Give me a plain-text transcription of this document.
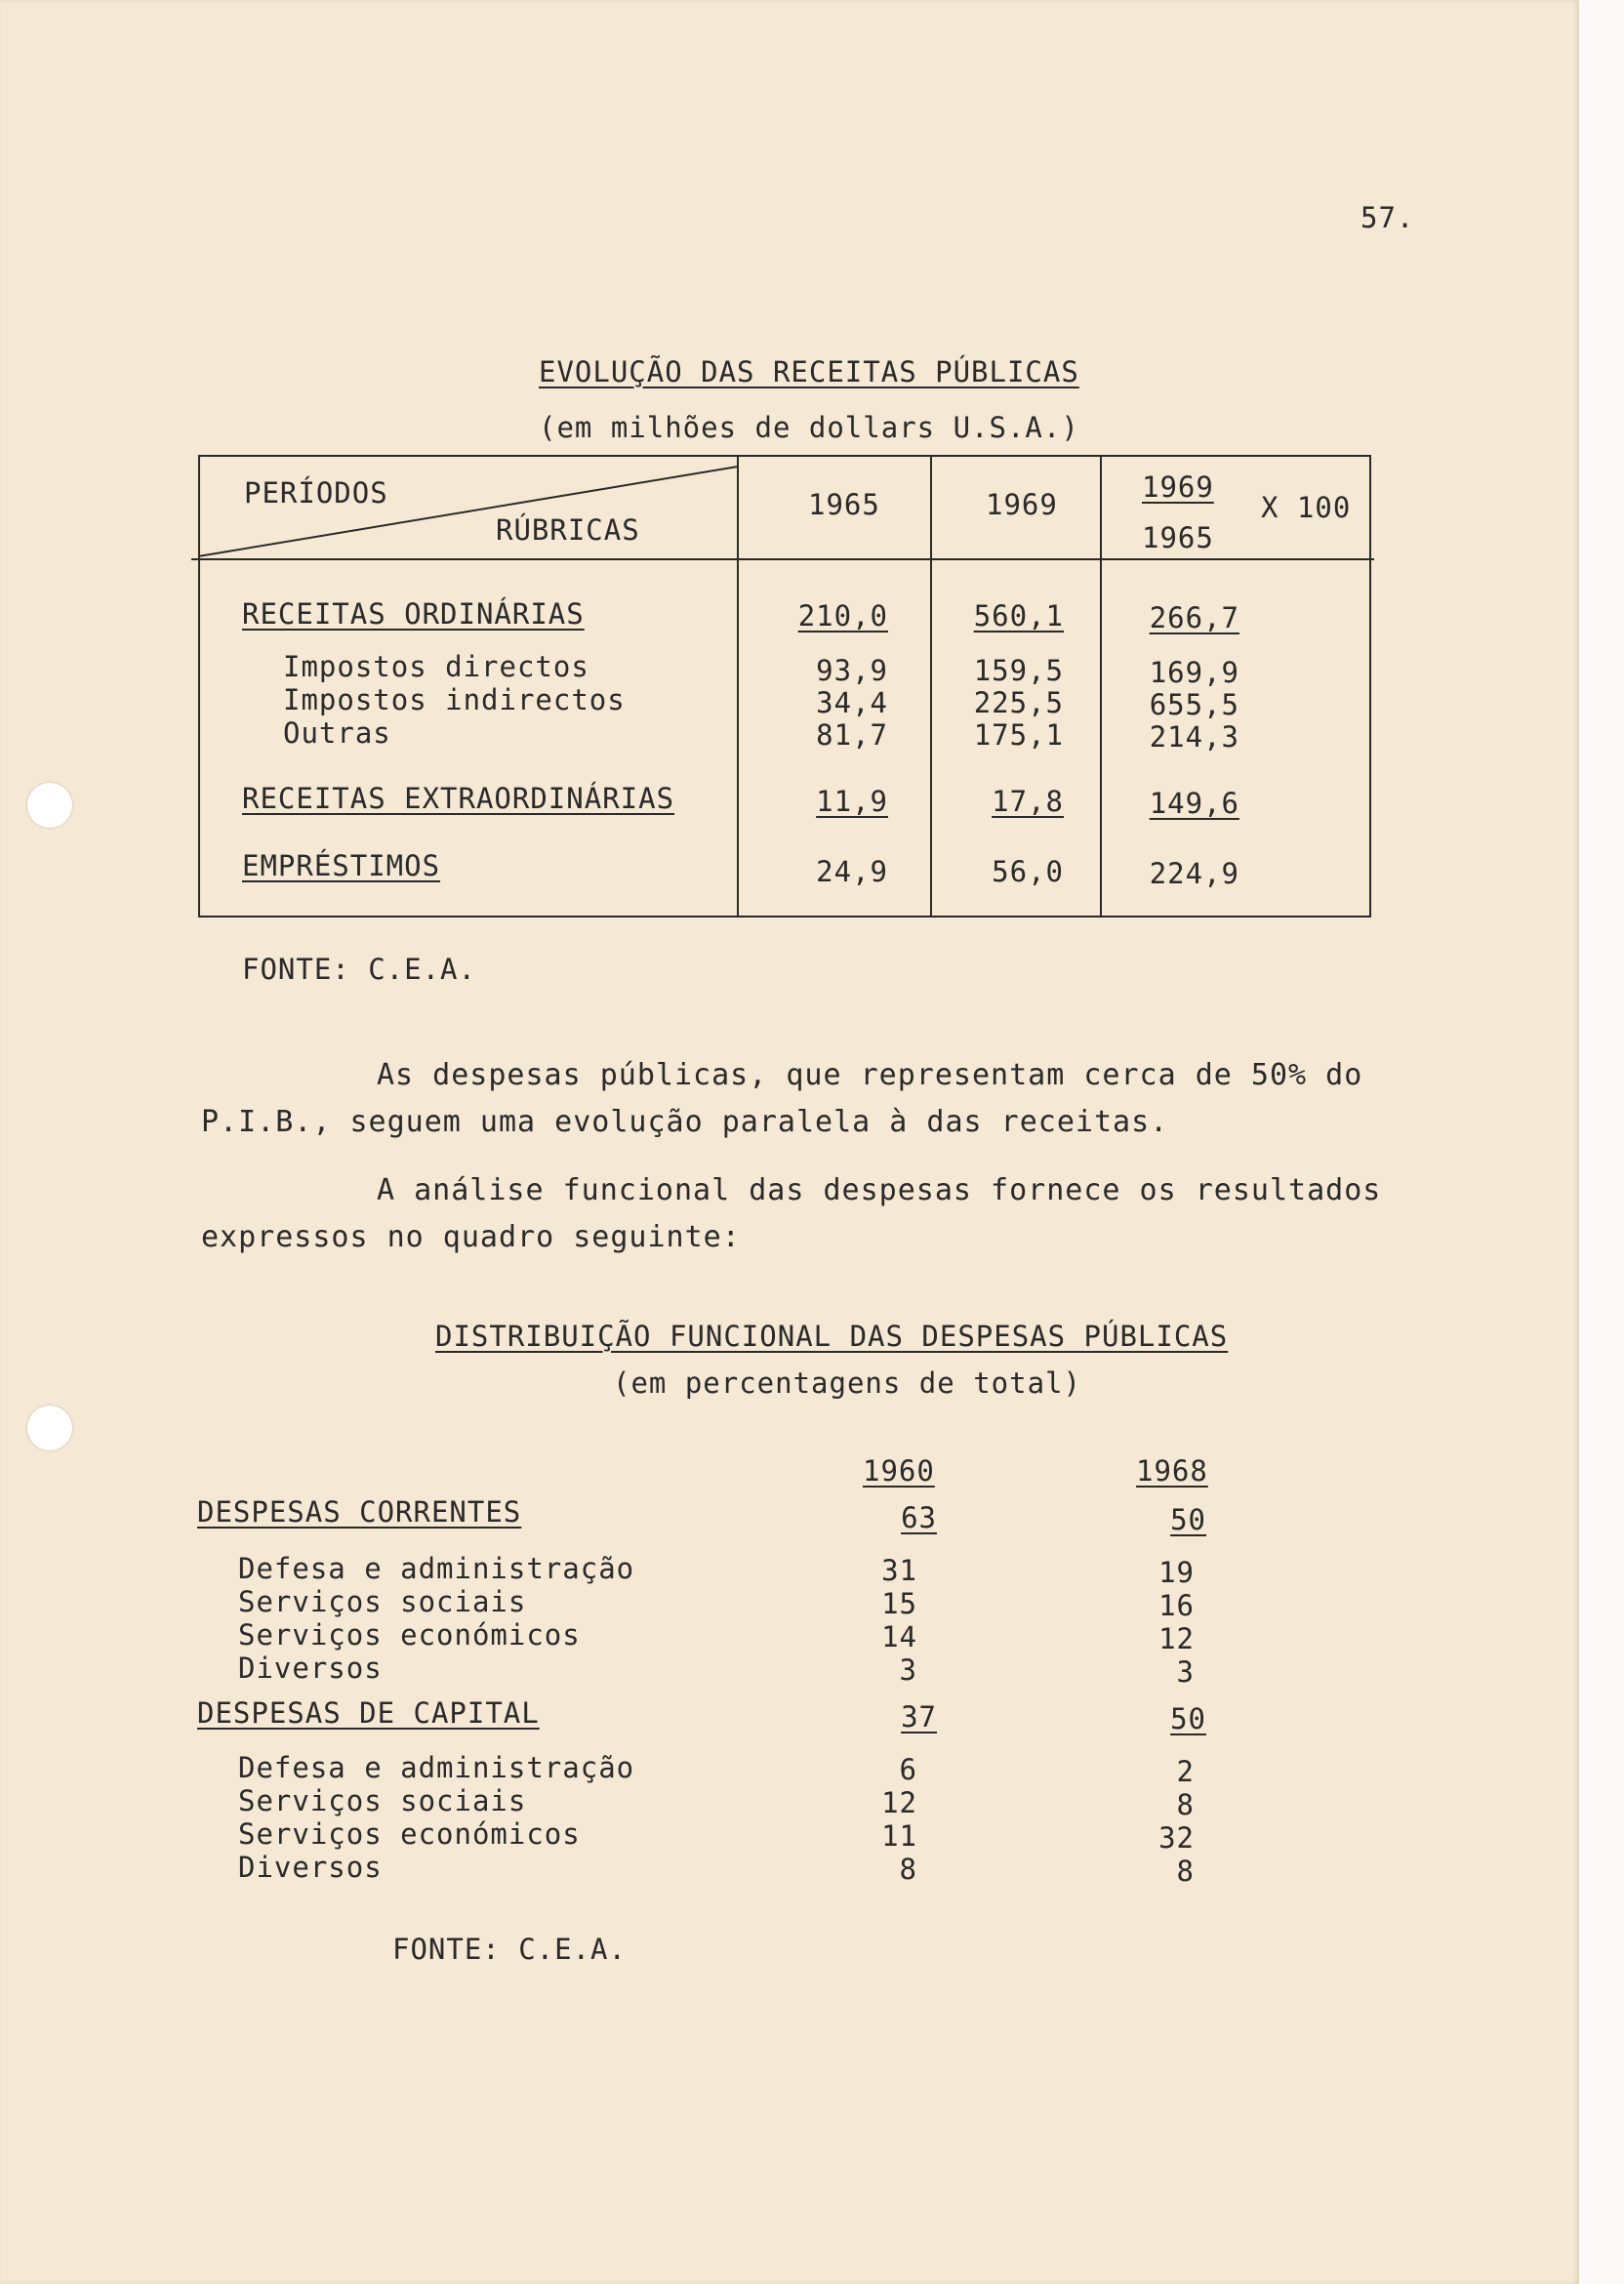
57.
EVOLUÇÃO DAS RECEITAS PÚBLICAS
(em milhões de dollars U.S.A.)
PERÍODOS
RÚBRICAS
1965	1969
1969
1965
X 100
RECEITAS ORDINÁRIAS
Impostos directos
Impostos indirectos
Outras
RECEITAS EXTRAORDINÁRIAS
EMPRÉSTIMOS
210,0
93,9
34,4
81,7
11,9
24,9
560,1
159,5
225,5
175,1
17,8
56,0
266,7
169,9
655,5
214,3
149,6
224,9
FONTE: C.E.A.
As despesas públicas, que representam cerca de 50% do
P.I.B., seguem uma evolução paralela à das receitas.
A análise funcional das despesas fornece os resultados
expressos no quadro seguinte:
DISTRIBUIÇÃO FUNCIONAL DAS DESPESAS PÚBLICAS
(em percentagens de total)
1960	1968
DESPESAS CORRENTES
Defesa e administração
Serviços sociais
Serviços económicos
Diversos
DESPESAS DE CAPITAL
Defesa e administração
Serviços sociais
Serviços económicos
Diversos
63
31
15
14
3
37
6
12
11
8
50
19
16
12
3
50
2
8
32
8
FONTE: C.E.A.
